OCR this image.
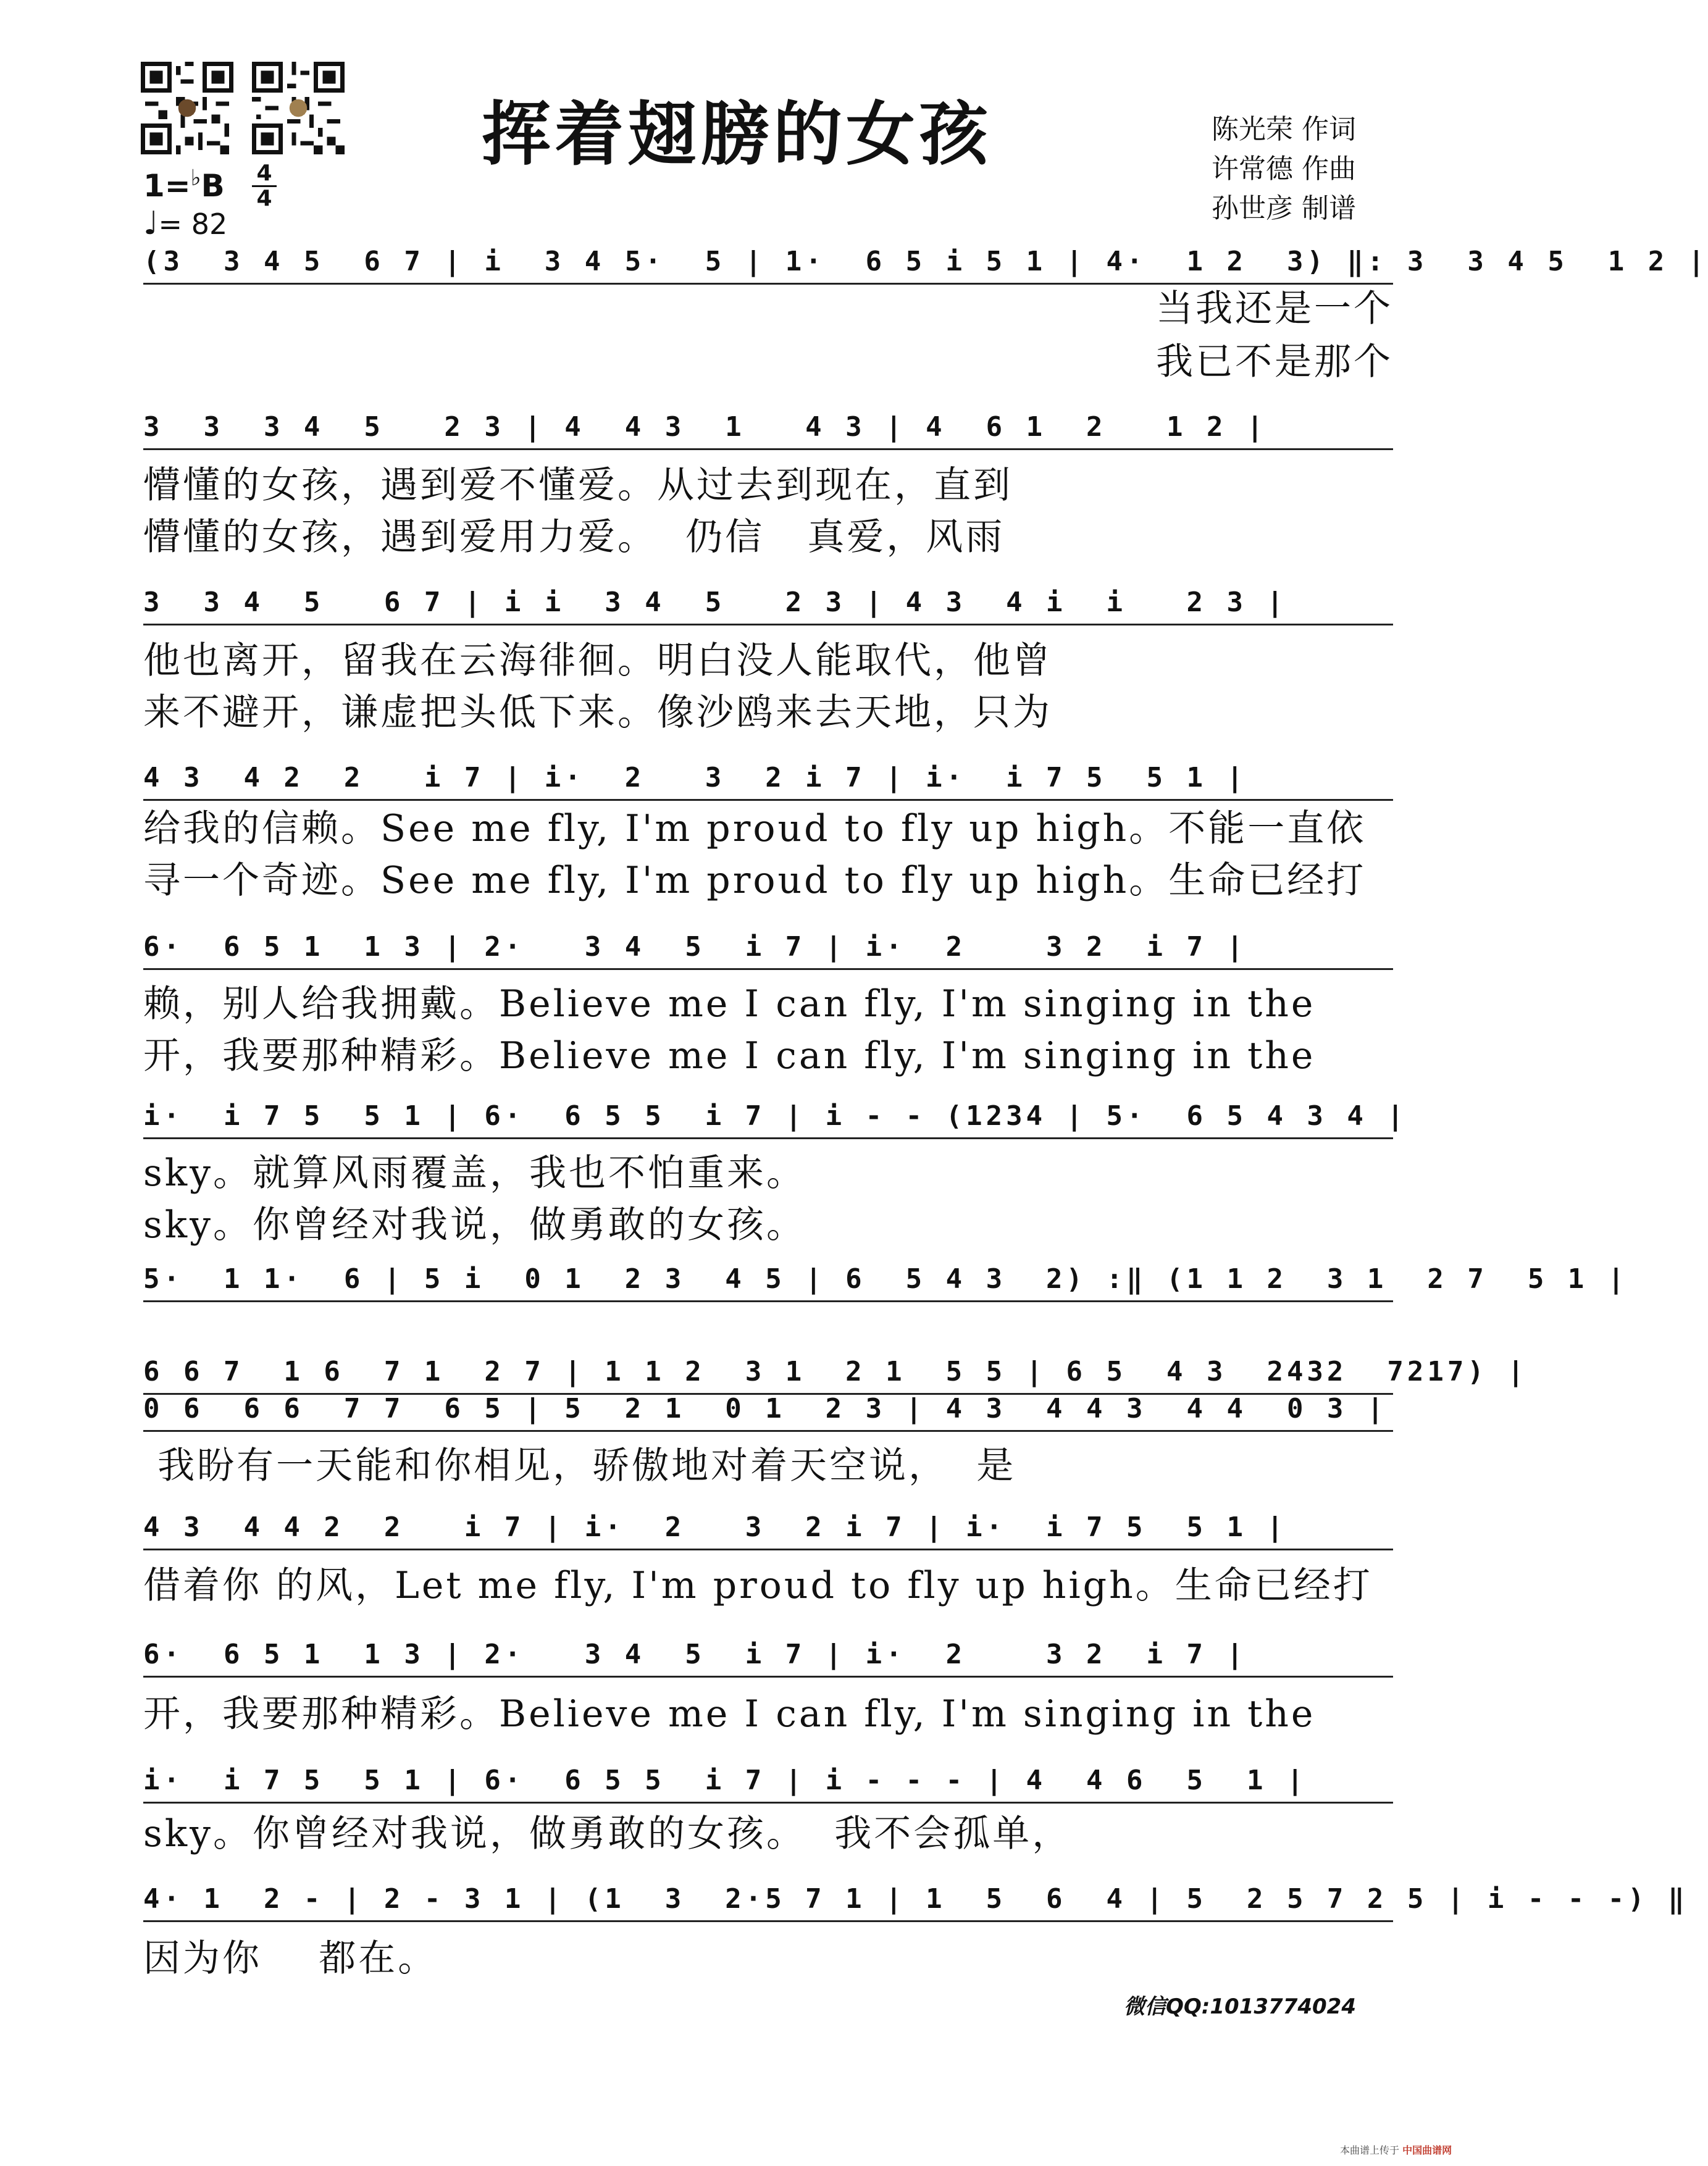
挥着翅膀的女孩	陈光荣 作词
许常德 作曲
孙世彦 制谱
1=♭B 4
4
♩= 82
(3  3 4 5  6 7 | i  3 4 5·  5 | 1·  6 5 i 5 1 | 4·  1 2  3) ‖: 3  3 4 5  1 2 |
当我还是一个
我已不是那个
3  3  3 4  5   2 3 | 4  4 3  1   4 3 | 4  6 1  2   1 2 |
懵懂的女孩，遇到爱不懂爱。从过去到现在，直到
懵懂的女孩，遇到爱用力爱。  仍信   真爱，风雨
3  3 4  5   6 7 | i i  3 4  5   2 3 | 4 3  4 i  i   2 3 |
他也离开，留我在云海徘徊。明白没人能取代，他曾
来不避开，谦虚把头低下来。像沙鸥来去天地，只为
4 3  4 2  2   i 7 | i·  2   3  2 i 7 | i·  i 7 5  5 1 |
给我的信赖。See me fly, I'm proud to fly up high。不能一直依
寻一个奇迹。See me fly, I'm proud to fly up high。生命已经打
6·  6 5 1  1 3 | 2·   3 4  5  i 7 | i·  2    3 2  i 7 |
赖，别人给我拥戴。Believe me I can fly, I'm singing in the
开，我要那种精彩。Believe me I can fly, I'm singing in the
i·  i 7 5  5 1 | 6·  6 5 5  i 7 | i - - (1234 | 5·  6 5 4 3 4 |
sky。就算风雨覆盖，我也不怕重来。
sky。你曾经对我说，做勇敢的女孩。
5·  1 1·  6 | 5 i  0 1  2 3  4 5 | 6  5 4 3  2) :‖ (1 1 2  3 1  2 7  5 1 |
6 6 7  1 6  7 1  2 7 | 1 1 2  3 1  2 1  5 5 | 6 5  4 3  2432  7217) |
0 6  6 6  7 7  6 5 | 5  2 1  0 1  2 3 | 4 3  4 4 3  4 4  0 3 |
我盼有一天能和你相见，骄傲地对着天空说，  是
4 3  4 4 2  2   i 7 | i·  2   3  2 i 7 | i·  i 7 5  5 1 |
借着你 的风，Let me fly, I'm proud to fly up high。生命已经打
6·  6 5 1  1 3 | 2·   3 4  5  i 7 | i·  2    3 2  i 7 |
开，我要那种精彩。Believe me I can fly, I'm singing in the
i·  i 7 5  5 1 | 6·  6 5 5  i 7 | i - - - | 4  4 6  5  1 |
sky。你曾经对我说，做勇敢的女孩。  我不会孤单，
4· 1  2 - | 2 - 3 1 | (1  3  2·5 7 1 | 1  5  6  4 | 5  2 5 7 2 5 | i - - -) ‖
因为你    都在。
微信QQ:1013774024
本曲谱上传于 中国曲谱网
